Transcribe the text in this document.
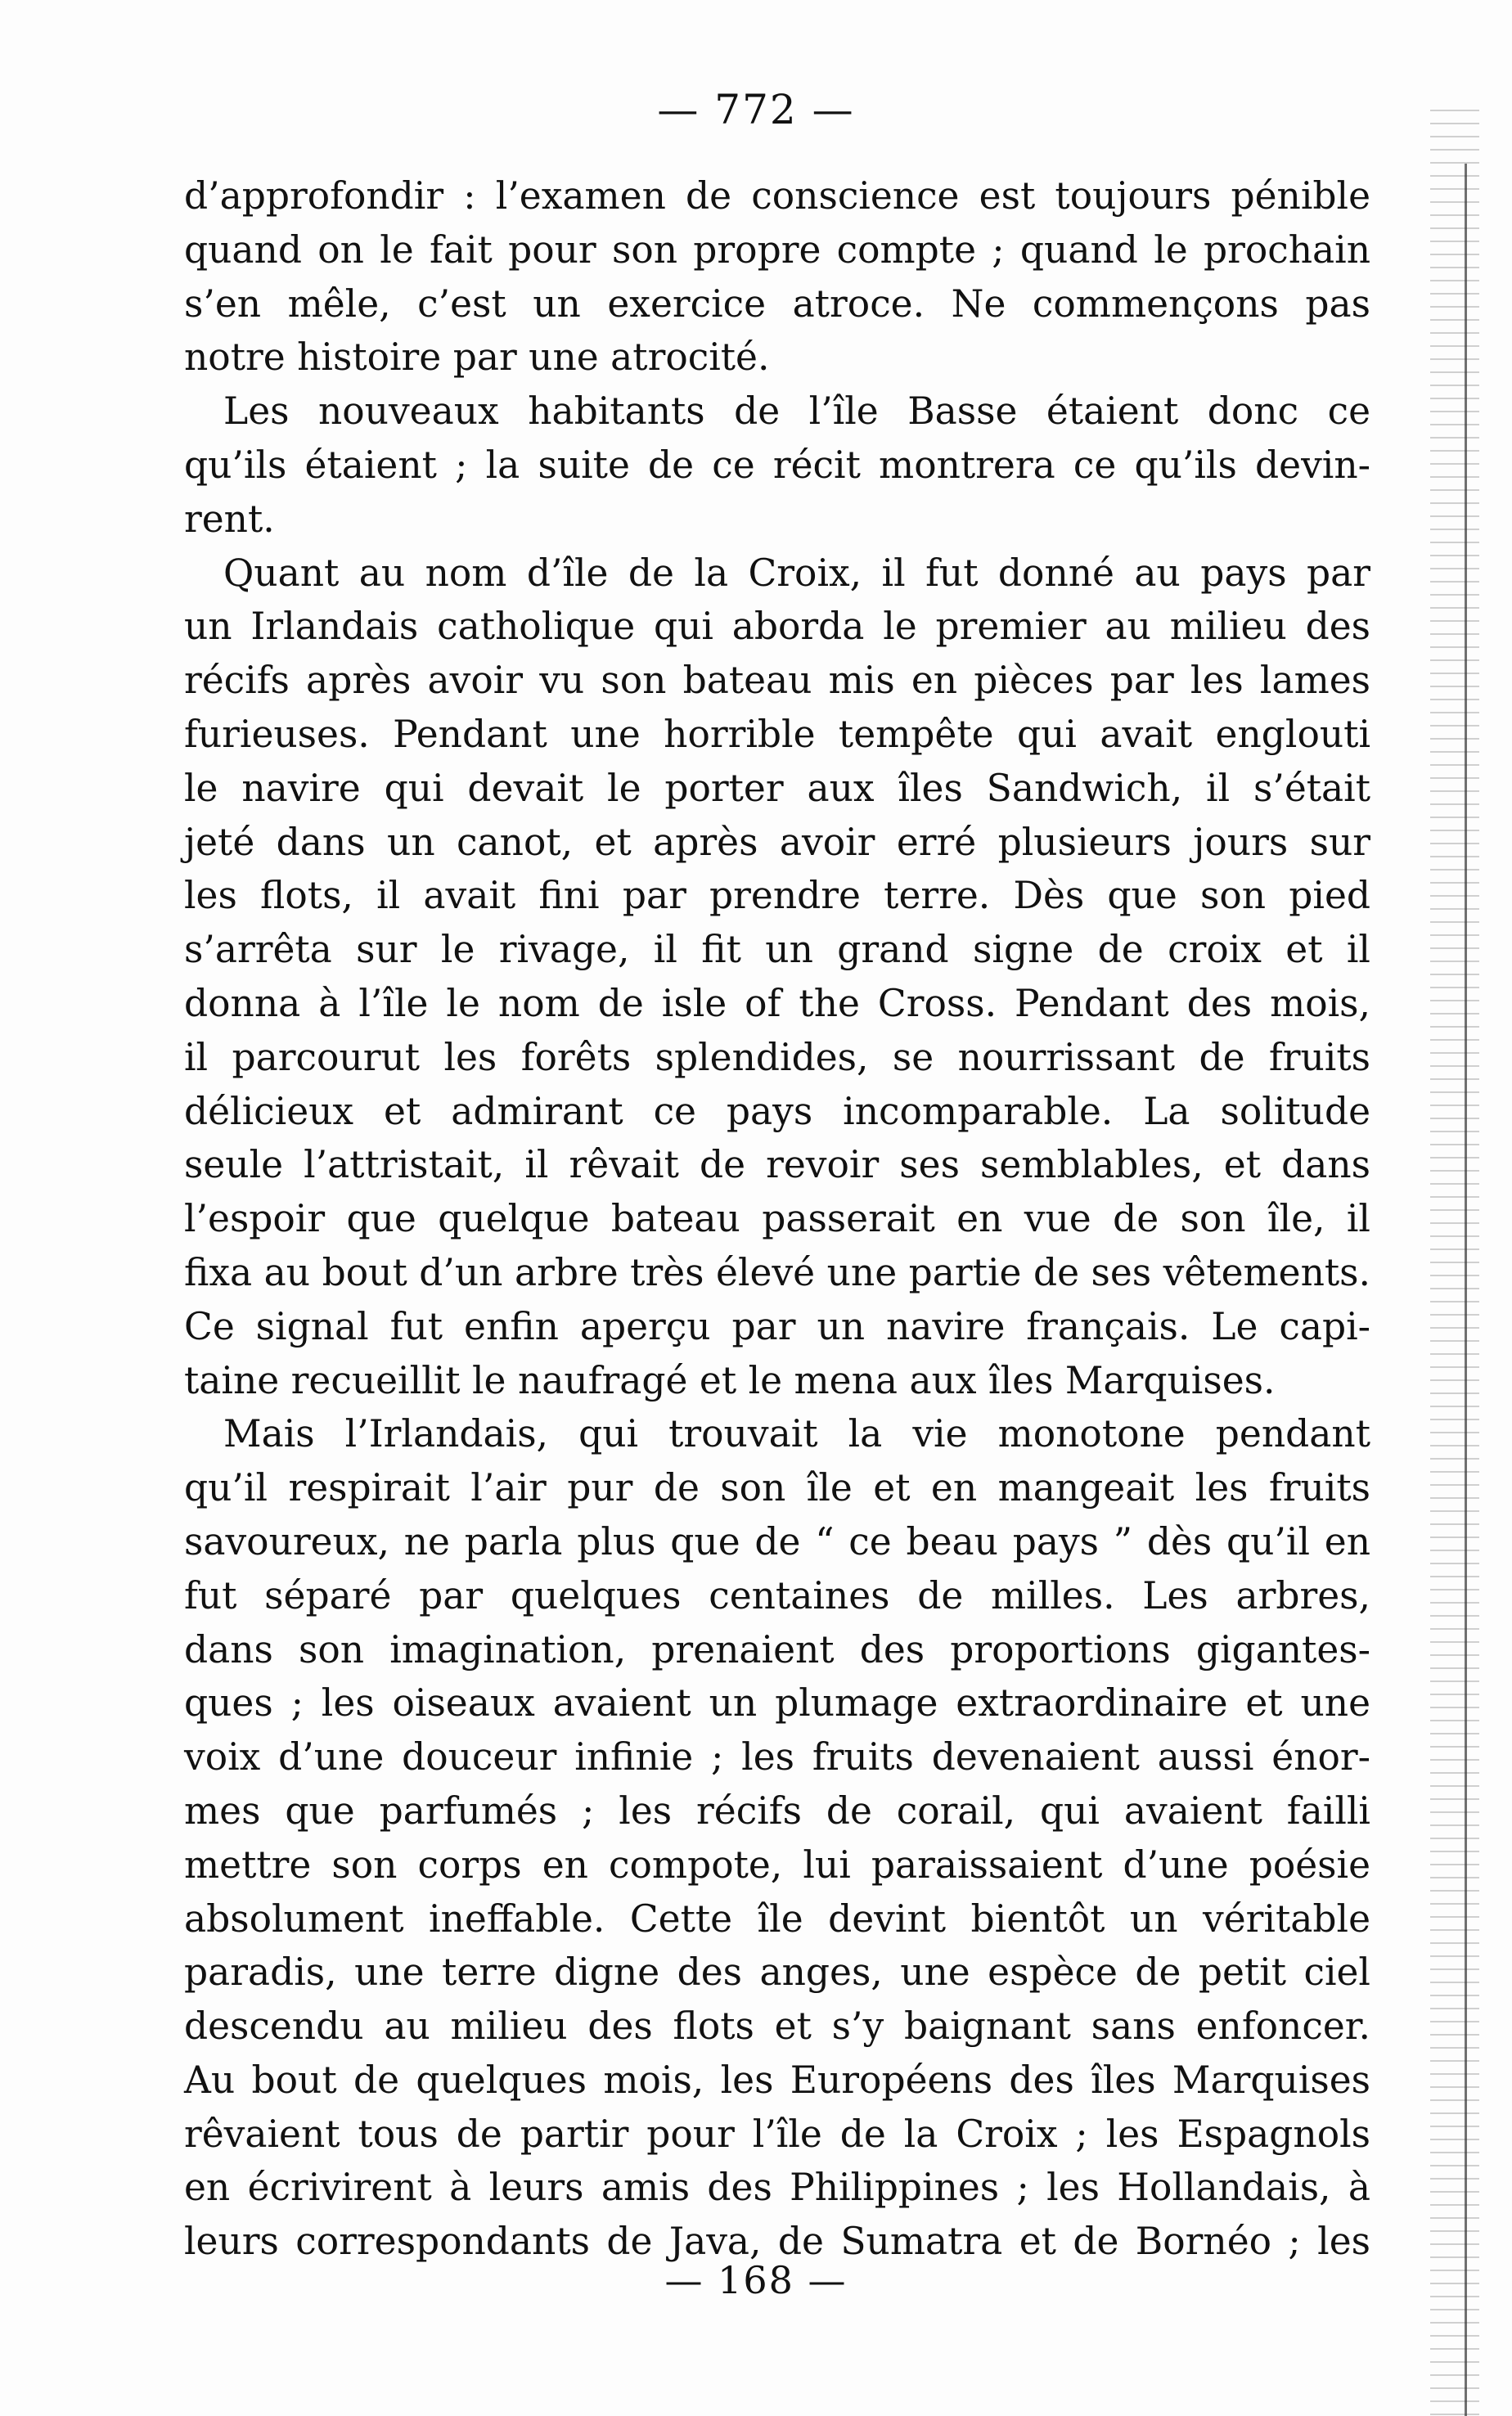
— 772 —
d’approfondir : l’examen de conscience est toujours pénible
quand on le fait pour son propre compte ; quand le prochain
s’en mêle, c’est un exercice atroce. Ne commençons pas
notre histoire par une atrocité.
Les nouveaux habitants de l’île Basse étaient donc ce
qu’ils étaient ; la suite de ce récit montrera ce qu’ils devin-
rent.
Quant au nom d’île de la Croix, il fut donné au pays par
un Irlandais catholique qui aborda le premier au milieu des
récifs après avoir vu son bateau mis en pièces par les lames
furieuses. Pendant une horrible tempête qui avait englouti
le navire qui devait le porter aux îles Sandwich, il s’était
jeté dans un canot, et après avoir erré plusieurs jours sur
les flots, il avait fini par prendre terre. Dès que son pied
s’arrêta sur le rivage, il fit un grand signe de croix et il
donna à l’île le nom de isle of the Cross. Pendant des mois,
il parcourut les forêts splendides, se nourrissant de fruits
délicieux et admirant ce pays incomparable. La solitude
seule l’attristait, il rêvait de revoir ses semblables, et dans
l’espoir que quelque bateau passerait en vue de son île, il
fixa au bout d’un arbre très élevé une partie de ses vêtements.
Ce signal fut enfin aperçu par un navire français. Le capi-
taine recueillit le naufragé et le mena aux îles Marquises.
Mais l’Irlandais, qui trouvait la vie monotone pendant
qu’il respirait l’air pur de son île et en mangeait les fruits
savoureux, ne parla plus que de “ ce beau pays ” dès qu’il en
fut séparé par quelques centaines de milles. Les arbres,
dans son imagination, prenaient des proportions gigantes-
ques ; les oiseaux avaient un plumage extraordinaire et une
voix d’une douceur infinie ; les fruits devenaient aussi énor-
mes que parfumés ; les récifs de corail, qui avaient failli
mettre son corps en compote, lui paraissaient d’une poésie
absolument ineffable. Cette île devint bientôt un véritable
paradis, une terre digne des anges, une espèce de petit ciel
descendu au milieu des flots et s’y baignant sans enfoncer.
Au bout de quelques mois, les Européens des îles Marquises
rêvaient tous de partir pour l’île de la Croix ; les Espagnols
en écrivirent à leurs amis des Philippines ; les Hollandais, à
leurs correspondants de Java, de Sumatra et de Bornéo ; les
— 168 —
